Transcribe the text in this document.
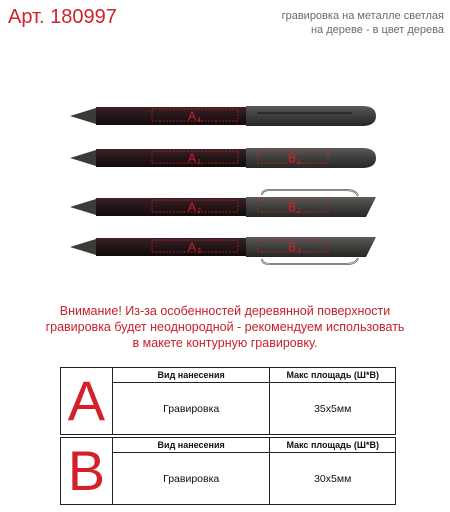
Арт. 180997	гравировка на металле светлая
на дереве - в цвет дерева
A 4
A 1	B 1
A 2	B 2
A 3	B 3
Внимание! Из-за особенностей деревянной поверхности
гравировка будет неоднородной - рекомендуем использовать
в макете контурную гравировку.
A	Вид нанесения	Макс площадь (Ш*В)
	Гравировка	35x5мм
B	Вид нанесения	Макс площадь (Ш*В)
	Гравировка	30x5мм
